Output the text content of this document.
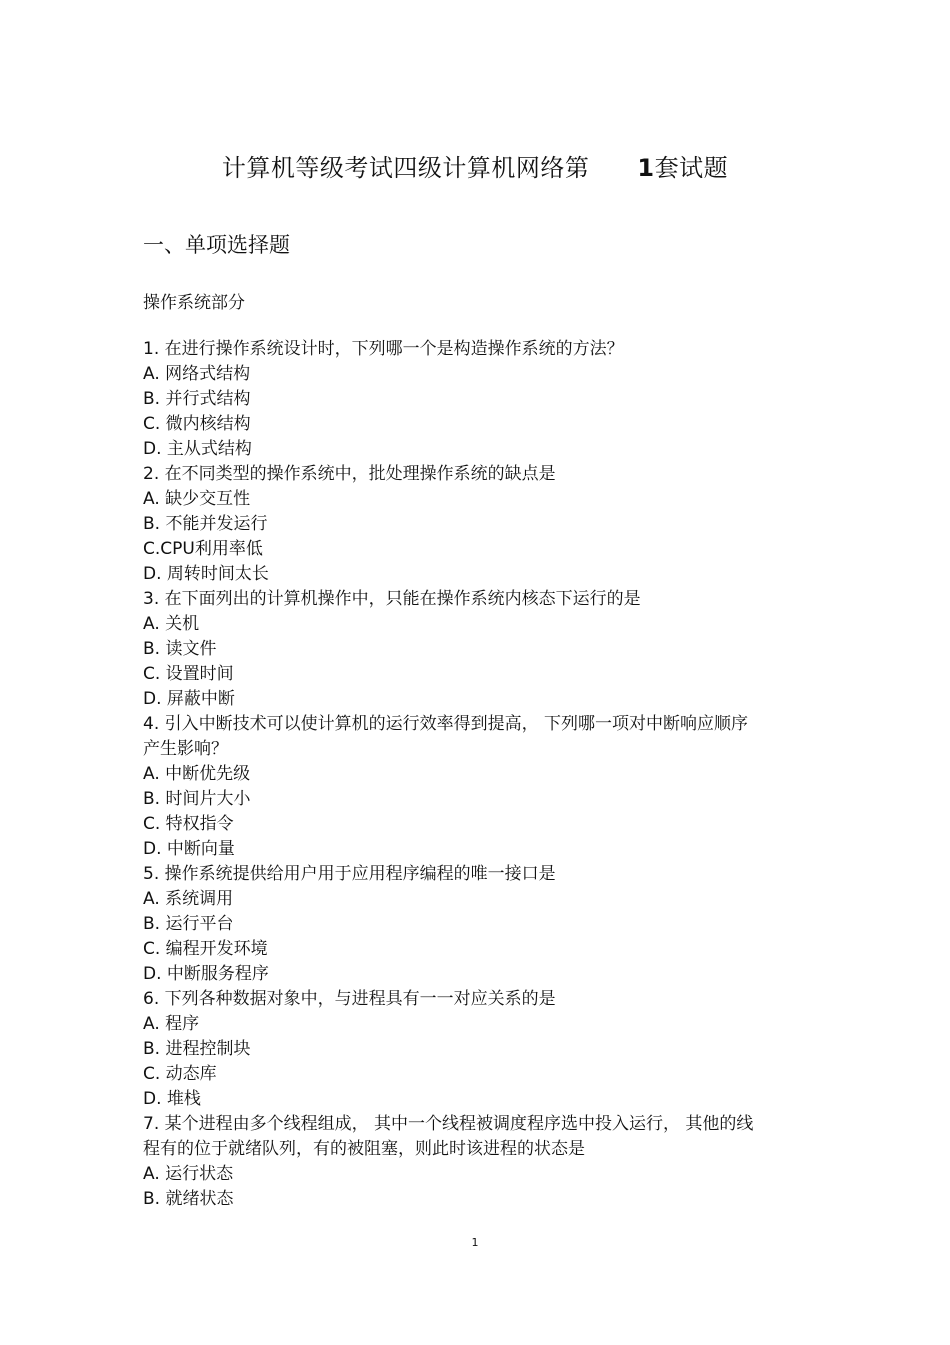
计算机等级考试四级计算机网络第 1套试题
一、单项选择题
操作系统部分
1. 在进行操作系统设计时，下列哪一个是构造操作系统的方法？
A. 网络式结构
B. 并行式结构
C. 微内核结构
D. 主从式结构
2. 在不同类型的操作系统中，批处理操作系统的缺点是
A. 缺少交互性
B. 不能并发运行
C.CPU利用率低
D. 周转时间太长
3. 在下面列出的计算机操作中，只能在操作系统内核态下运行的是
A. 关机
B. 读文件
C. 设置时间
D. 屏蔽中断
4. 引入中断技术可以使计算机的运行效率得到提高， 下列哪一项对中断响应顺序
产生影响？
A. 中断优先级
B. 时间片大小
C. 特权指令
D. 中断向量
5. 操作系统提供给用户用于应用程序编程的唯一接口是
A. 系统调用
B. 运行平台
C. 编程开发环境
D. 中断服务程序
6. 下列各种数据对象中，与进程具有一一对应关系的是
A. 程序
B. 进程控制块
C. 动态库
D. 堆栈
7. 某个进程由多个线程组成， 其中一个线程被调度程序选中投入运行， 其他的线
程有的位于就绪队列，有的被阻塞，则此时该进程的状态是
A. 运行状态
B. 就绪状态
1
